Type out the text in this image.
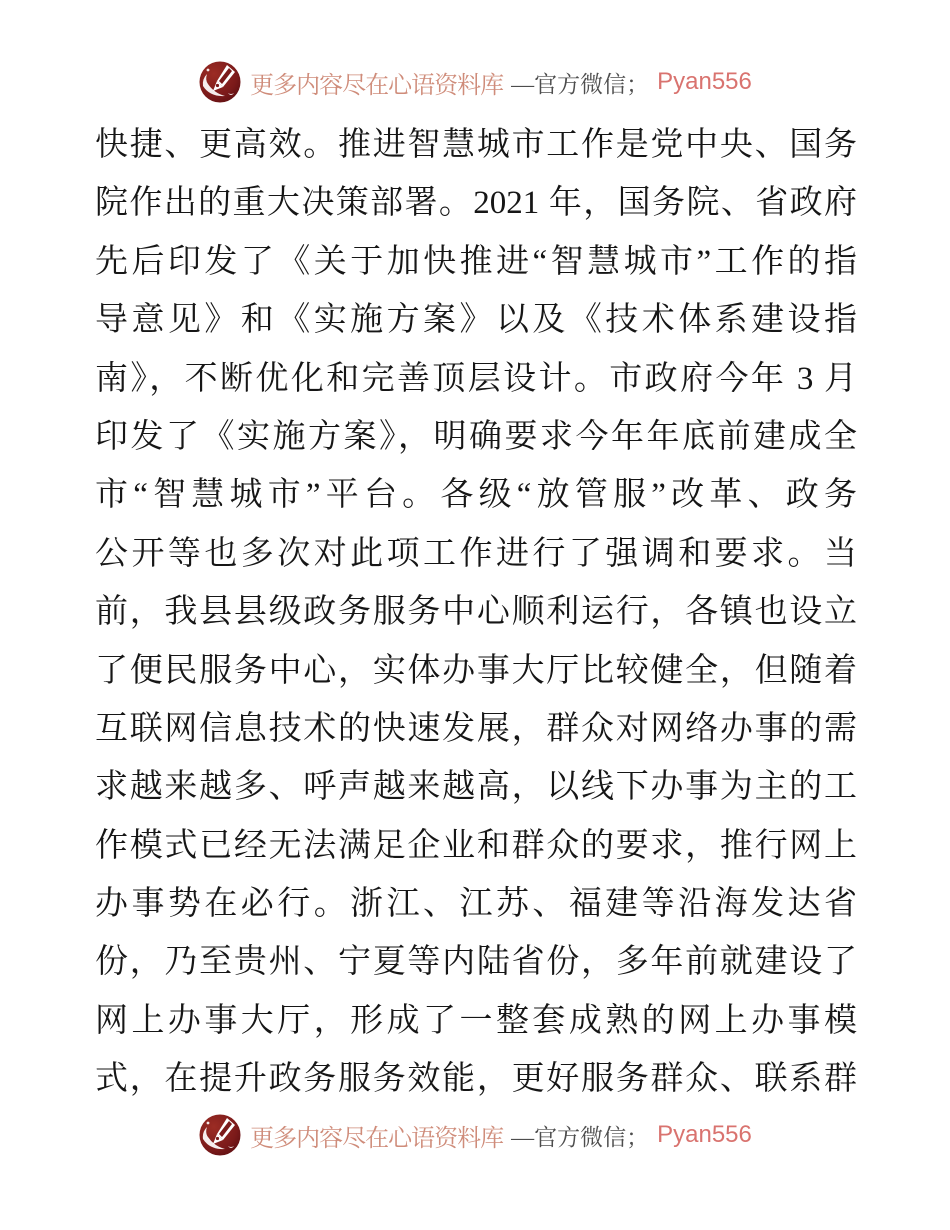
更多内容尽在心语资料库 —官方微信； Pyan556
快捷、更高效。推进智慧城市工作是党中央、国务
院作出的重大决策部署。2021 年，国务院、省政府
先后印发了《关于加快推进“智慧城市”工作的指
导意见》和《实施方案》以及《技术体系建设指
南》，不断优化和完善顶层设计。市政府今年 3 月
印发了《实施方案》，明确要求今年年底前建成全
市“智慧城市”平台。各级“放管服”改革、政务
公开等也多次对此项工作进行了强调和要求。当
前，我县县级政务服务中心顺利运行，各镇也设立
了便民服务中心，实体办事大厅比较健全，但随着
互联网信息技术的快速发展，群众对网络办事的需
求越来越多、呼声越来越高，以线下办事为主的工
作模式已经无法满足企业和群众的要求，推行网上
办事势在必行。浙江、江苏、福建等沿海发达省
份，乃至贵州、宁夏等内陆省份，多年前就建设了
网上办事大厅，形成了一整套成熟的网上办事模
式，在提升政务服务效能，更好服务群众、联系群
更多内容尽在心语资料库 —官方微信； Pyan556
